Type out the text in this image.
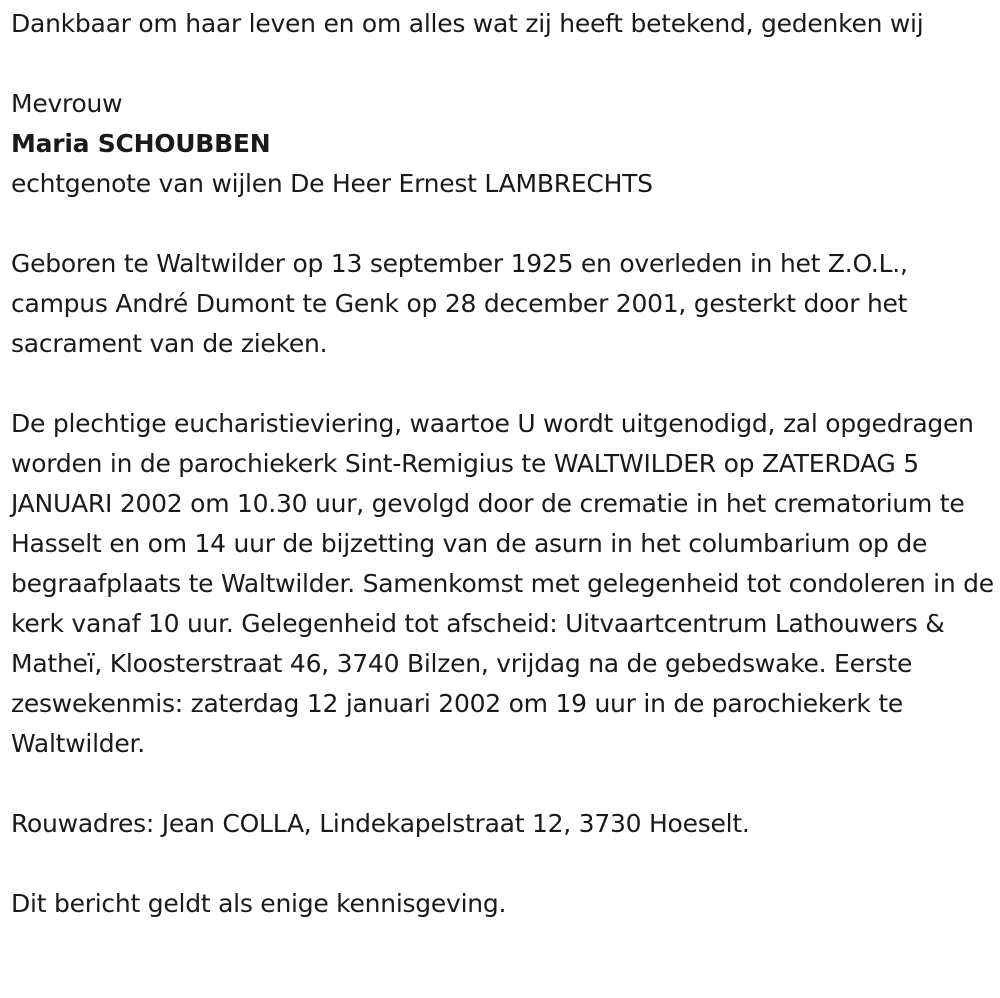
Dankbaar om haar leven en om alles wat zij heeft betekend, gedenken wij

Mevrouw

Maria SCHOUBBEN

echtgenote van wijlen De Heer Ernest LAMBRECHTS

Geboren te Waltwilder op 13 september 1925 en overleden in het Z.O.L., campus André Dumont te Genk op 28 december 2001, gesterkt door het sacrament van de zieken.

De plechtige eucharistieviering, waartoe U wordt uitgenodigd, zal opgedragen worden in de parochiekerk Sint-Remigius te WALTWILDER op ZATERDAG 5 JANUARI 2002 om 10.30 uur, gevolgd door de crematie in het crematorium te Hasselt en om 14 uur de bijzetting van de asurn in het columbarium op de begraafplaats te Waltwilder. Samenkomst met gelegenheid tot condoleren in de kerk vanaf 10 uur. Gelegenheid tot afscheid: Uitvaartcentrum Lathouwers & Matheï, Kloosterstraat 46, 3740 Bilzen, vrijdag na de gebedswake. Eerste zeswekenmis: zaterdag 12 januari 2002 om 19 uur in de parochiekerk te Waltwilder.

Rouwadres: Jean COLLA, Lindekapelstraat 12, 3730 Hoeselt.

Dit bericht geldt als enige kennisgeving.
